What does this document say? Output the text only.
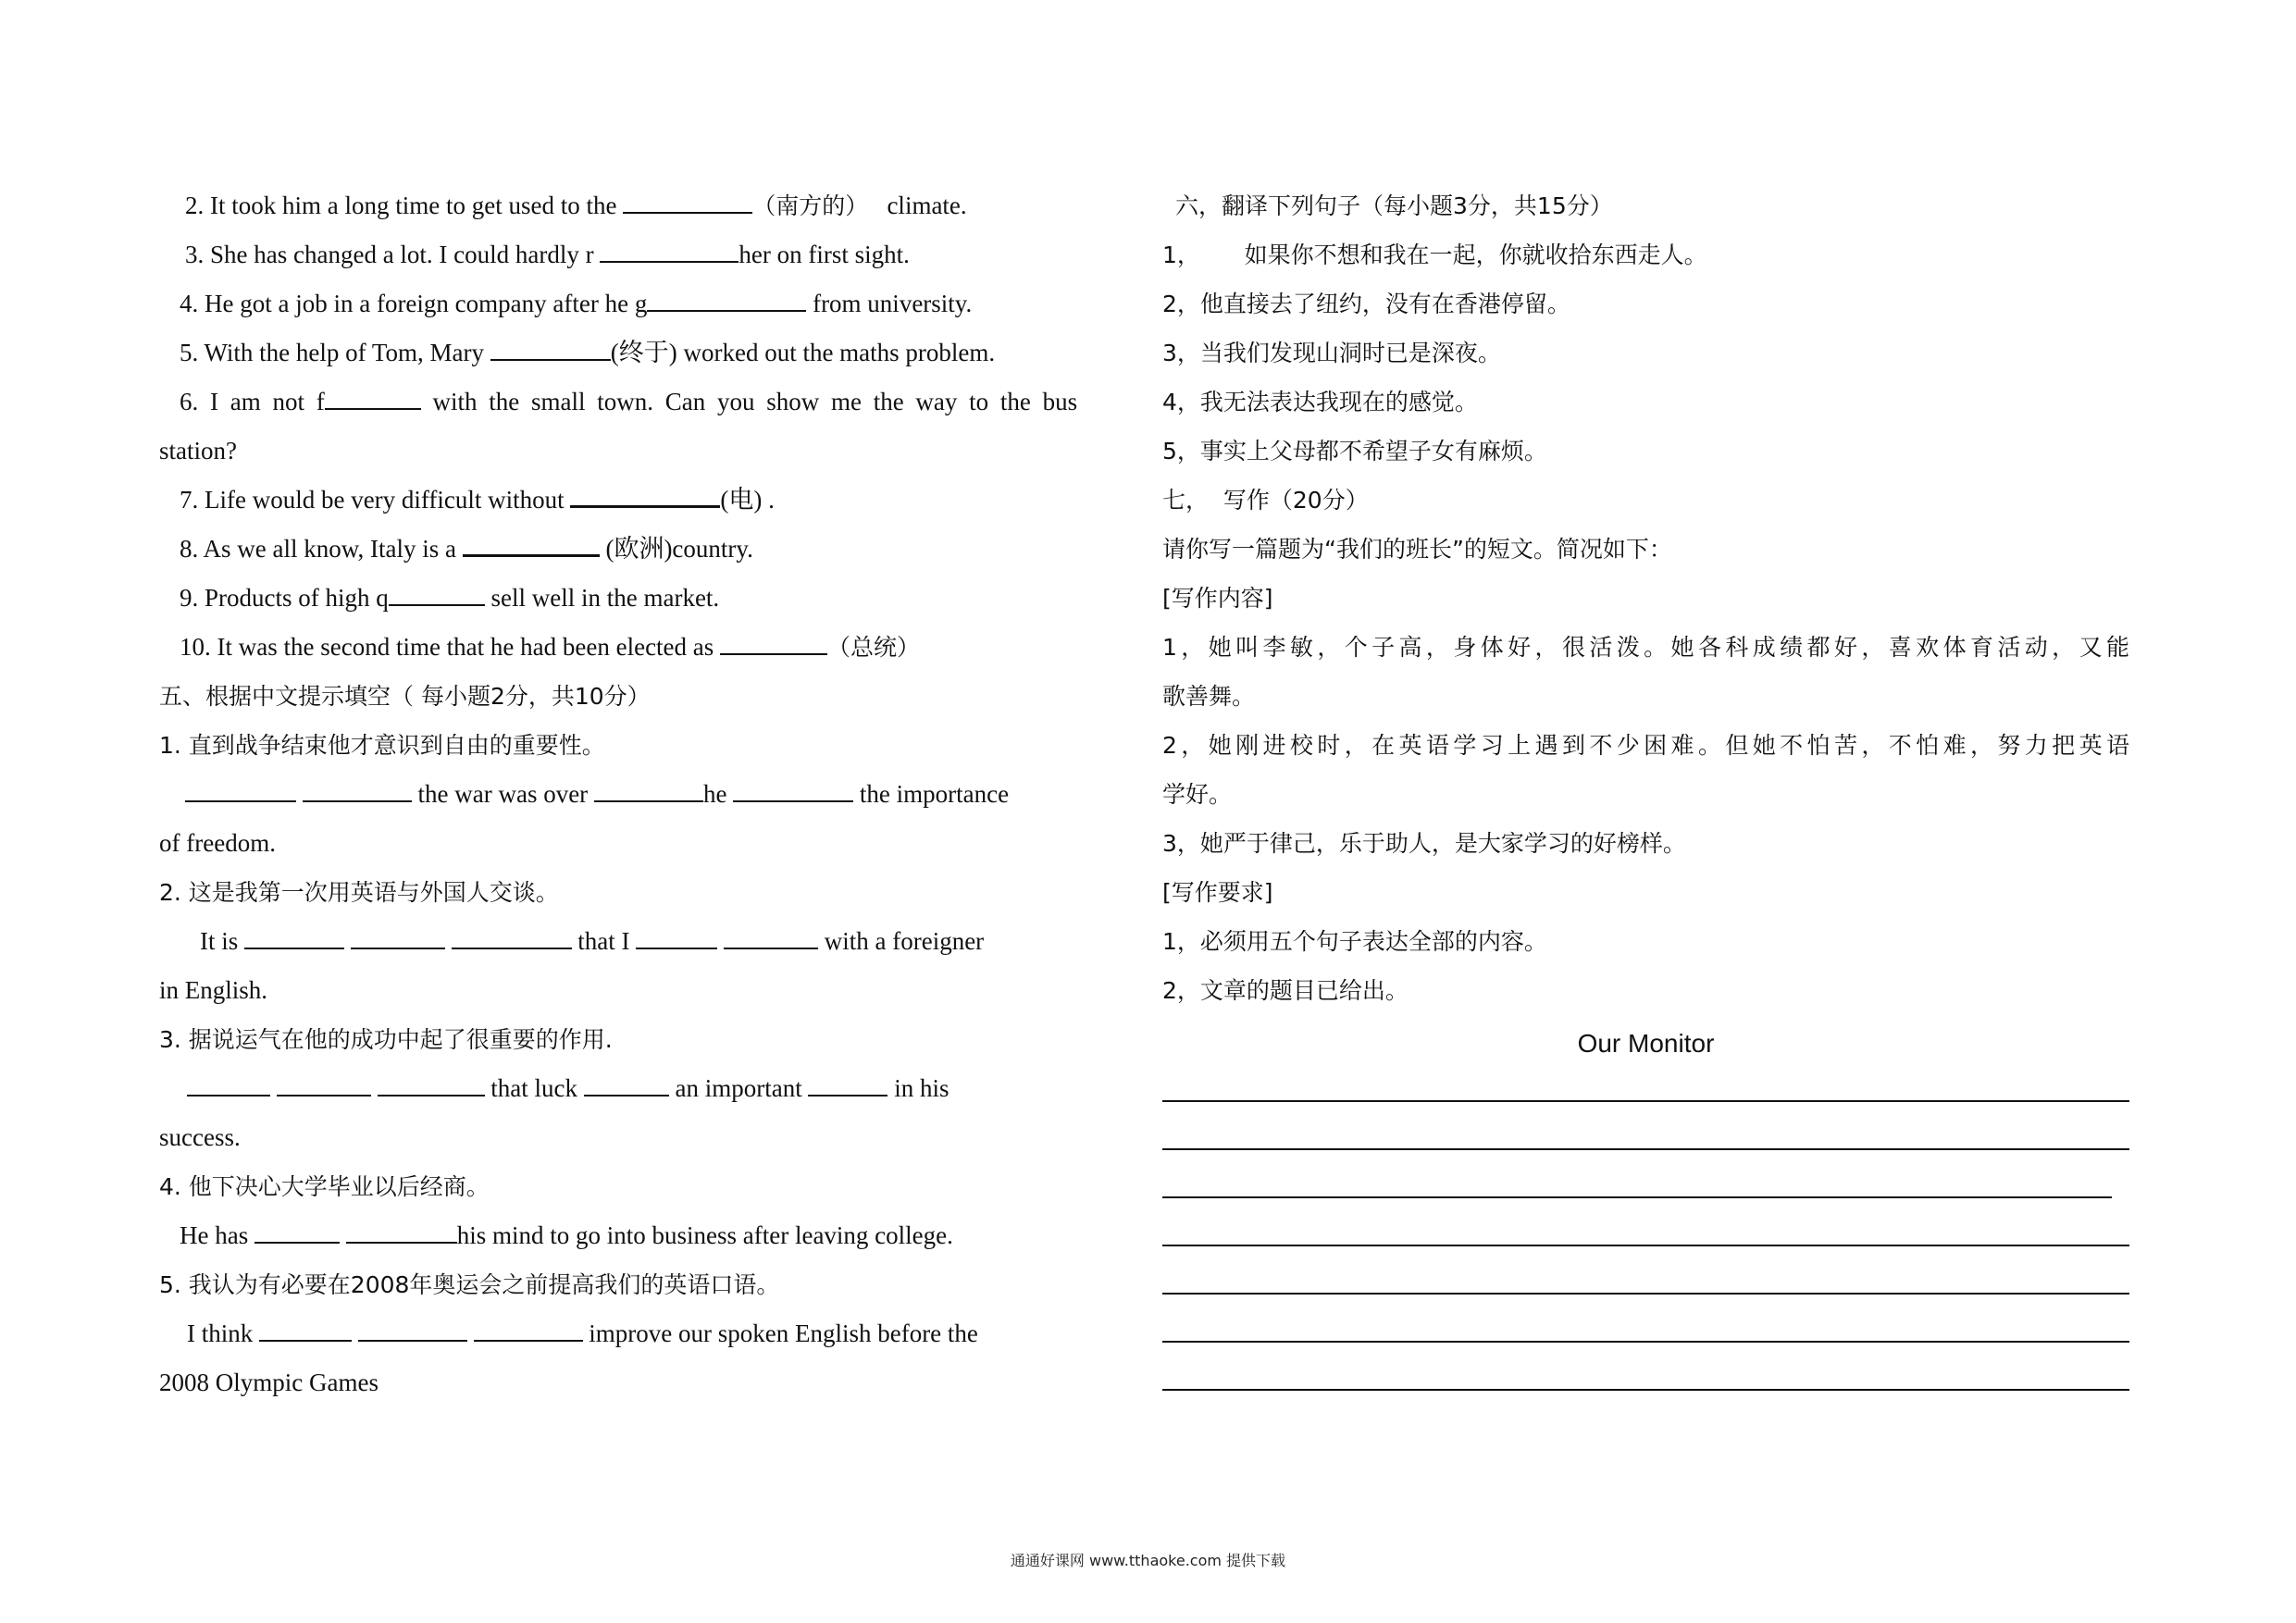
2. It took him a long time to get used to the	（南方的） climate.
3. She has changed a lot. I could hardly r	her on first sight.
4. He got a job in a foreign company after he g	from university.
5. With the help of Tom, Mary	(终于) worked out the maths problem.
6. I am not f	with the small town. Can you show me the way to the bus
station?
7. Life would be very difficult without	(电) .
8. As we all know, Italy is a	(欧洲)country.
9. Products of high q	sell well in the market.
10. It was the second time that he had been elected as	（总统）
五、根据中文提示填空（ 每小题2分，共10分）
1. 直到战争结束他才意识到自由的重要性。
the war was over	he	the importance
of freedom.
2. 这是我第一次用英语与外国人交谈。
It is	that I	with a foreigner
in English.
3. 据说运气在他的成功中起了很重要的作用.
that luck	an important	in his
success.
4. 他下决心大学毕业以后经商。
He has	his mind to go into business after leaving college.
5. 我认为有必要在2008年奥运会之前提高我们的英语口语。
I think	improve our spoken English before the
2008 Olympic Games
六，翻译下列句子（每小题3分，共15分）
1，      如果你不想和我在一起，你就收拾东西走人。
2，他直接去了纽约，没有在香港停留。
3，当我们发现山洞时已是深夜。
4，我无法表达我现在的感觉。
5，事实上父母都不希望子女有麻烦。
七，  写作（20分）
请你写一篇题为“我们的班长”的短文。简况如下：
[写作内容]
1，她叫李敏，个子高，身体好，很活泼。她各科成绩都好，喜欢体育活动，又能
歌善舞。
2，她刚进校时，在英语学习上遇到不少困难。但她不怕苦，不怕难，努力把英语
学好。
3，她严于律己，乐于助人，是大家学习的好榜样。
[写作要求]
1，必须用五个句子表达全部的内容。
2，文章的题目已给出。
Our Monitor
通通好课网 www.tthaoke.com 提供下载
